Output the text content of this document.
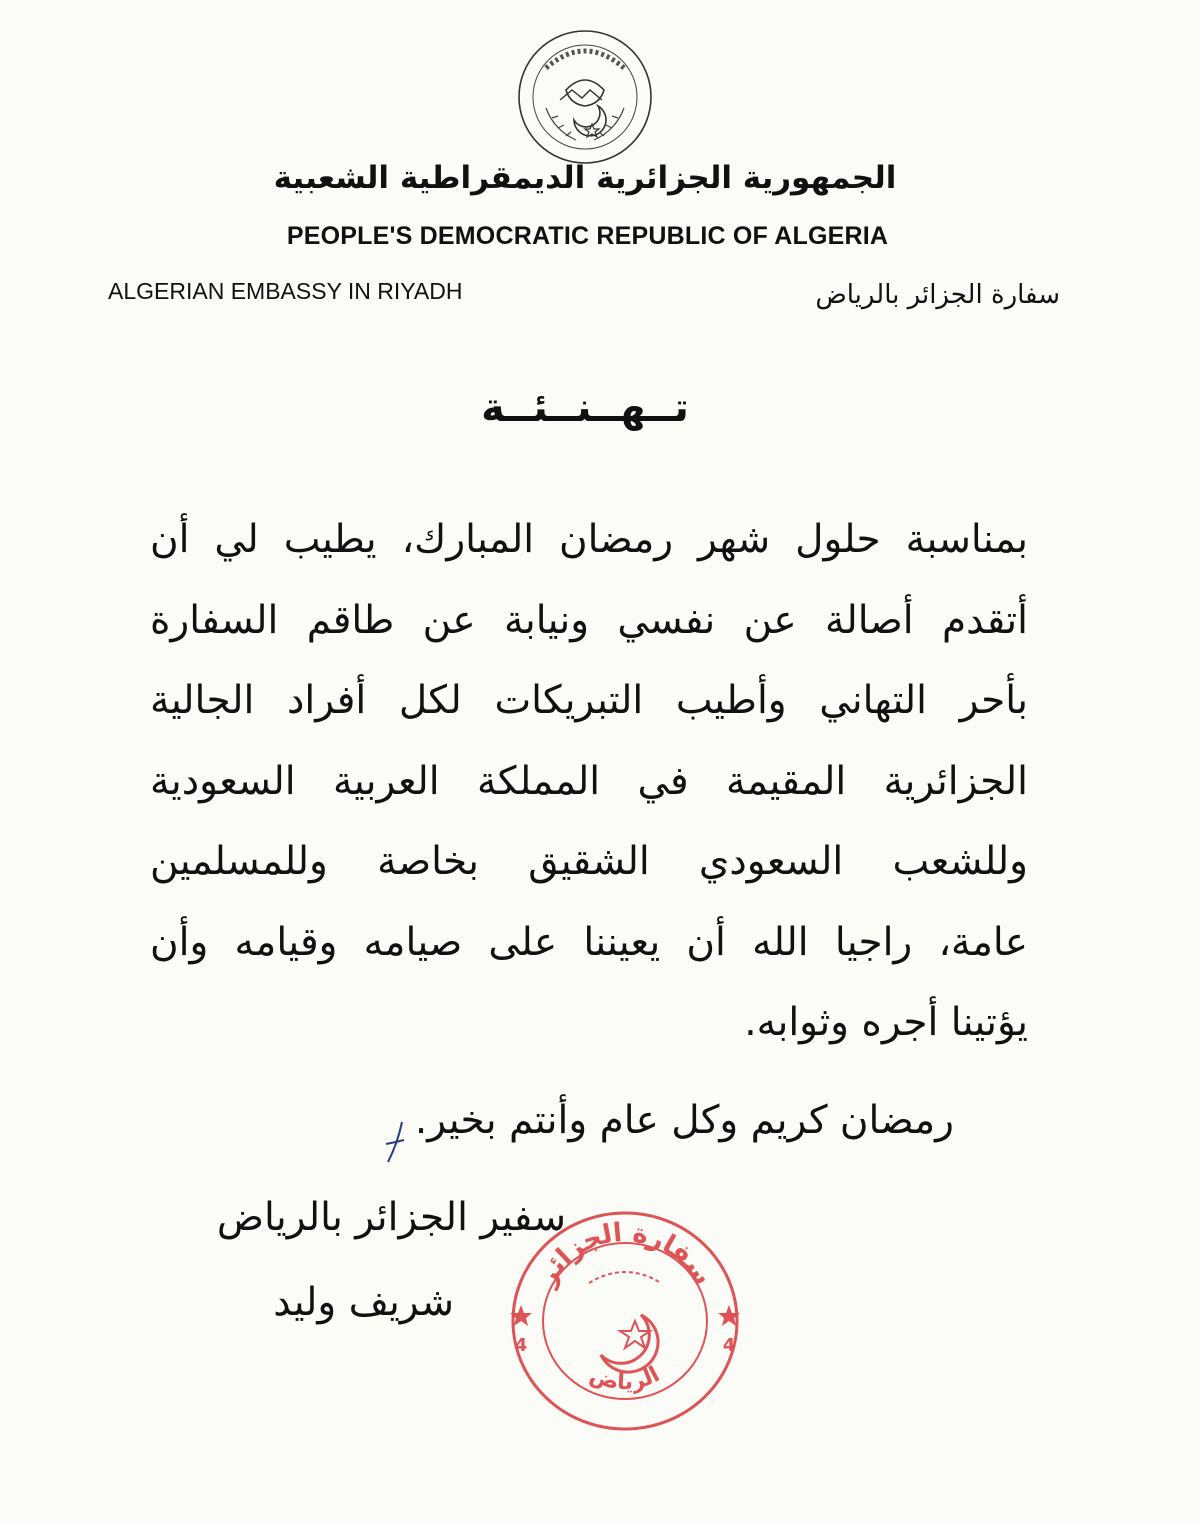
الجمهورية الجزائرية الديمقراطية الشعبية
PEOPLE'S DEMOCRATIC REPUBLIC OF ALGERIA
ALGERIAN EMBASSY IN RIYADH	سفارة الجزائر بالرياض
تــهــنــئــة

بمناسبة حلول شهر رمضان المبارك، يطيب لي أن
أتقدم أصالة عن نفسي ونيابة عن طاقم السفارة
بأحر التهاني وأطيب التبريكات لكل أفراد الجالية
الجزائرية المقيمة في المملكة العربية السعودية
وللشعب السعودي الشقيق بخاصة وللمسلمين
عامة، راجيا الله أن يعيننا على صيامه وقيامه وأن
يؤتينا أجره وثوابه.

رمضان كريم وكل عام وأنتم بخير.
سفير الجزائر بالرياض
شريف وليد
سفارة الجزائر
الرياض
4	4
